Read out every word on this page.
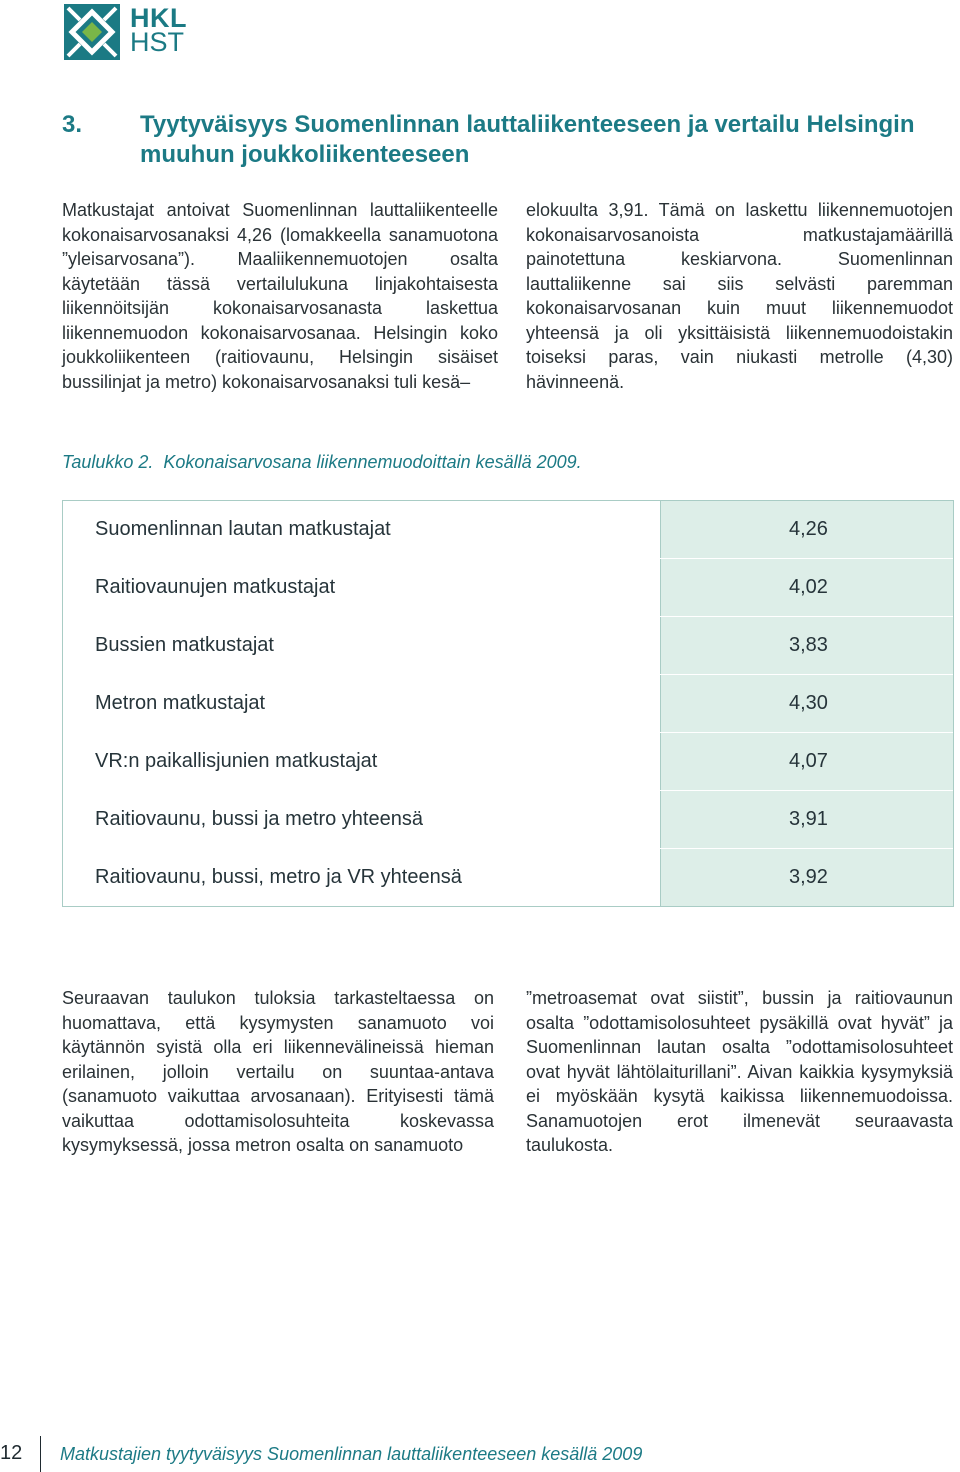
HKL
HST
3. Tyytyväisyys Suomenlinnan lauttaliikenteeseen ja vertailu Helsingin muuhun joukkoliikenteeseen
Matkustajat antoivat Suomenlinnan lauttaliikenteelle kokonaisarvosanaksi 4,26 (lomakkeella sanamuotona ”yleisarvosana”). Maaliikennemuotojen osalta käytetään tässä vertailulukuna linjakohtaisesta liikennöitsijän kokonaisarvosanasta laskettua liikennemuodon kokonaisarvosanaa. Helsingin koko joukkoliikenteen (raitiovaunu, Helsingin sisäiset bussilinjat ja metro) kokonaisarvosanaksi tuli kesä–
elokuulta 3,91. Tämä on laskettu liikennemuotojen kokonaisarvosanoista matkustajamäärillä painotettuna keskiarvona. Suomenlinnan lauttaliikenne sai siis selvästi paremman kokonaisarvosanan kuin muut liikennemuodot yhteensä ja oli yksittäisistä liikennemuodoistakin toiseksi paras, vain niukasti metrolle (4,30) hävinneenä.
Taulukko 2. Kokonaisarvosana liikennemuodoittain kesällä 2009.
Suomenlinnan lautan matkustajat	4,26
Raitiovaunujen matkustajat	4,02
Bussien matkustajat	3,83
Metron matkustajat	4,30
VR:n paikallisjunien matkustajat	4,07
Raitiovaunu, bussi ja metro yhteensä	3,91
Raitiovaunu, bussi, metro ja VR yhteensä	3,92
Seuraavan taulukon tuloksia tarkasteltaessa on huomattava, että kysymysten sanamuoto voi käytännön syistä olla eri liikennevälineissä hieman erilainen, jolloin vertailu on suuntaa-antava (sanamuoto vaikuttaa arvosanaan). Erityisesti tämä vaikuttaa odottamisolosuhteita koskevassa kysymyksessä, jossa metron osalta on sanamuoto
”metroasemat ovat siistit”, bussin ja raitiovaunun osalta ”odottamisolosuhteet pysäkillä ovat hyvät” ja Suomenlinnan lautan osalta ”odottamisolosuhteet ovat hyvät lähtölaiturillani”. Aivan kaikkia kysymyksiä ei myöskään kysytä kaikissa liikennemuodoissa. Sanamuotojen erot ilmenevät seuraavasta taulukosta.
12 Matkustajien tyytyväisyys Suomenlinnan lauttaliikenteeseen kesällä 2009
